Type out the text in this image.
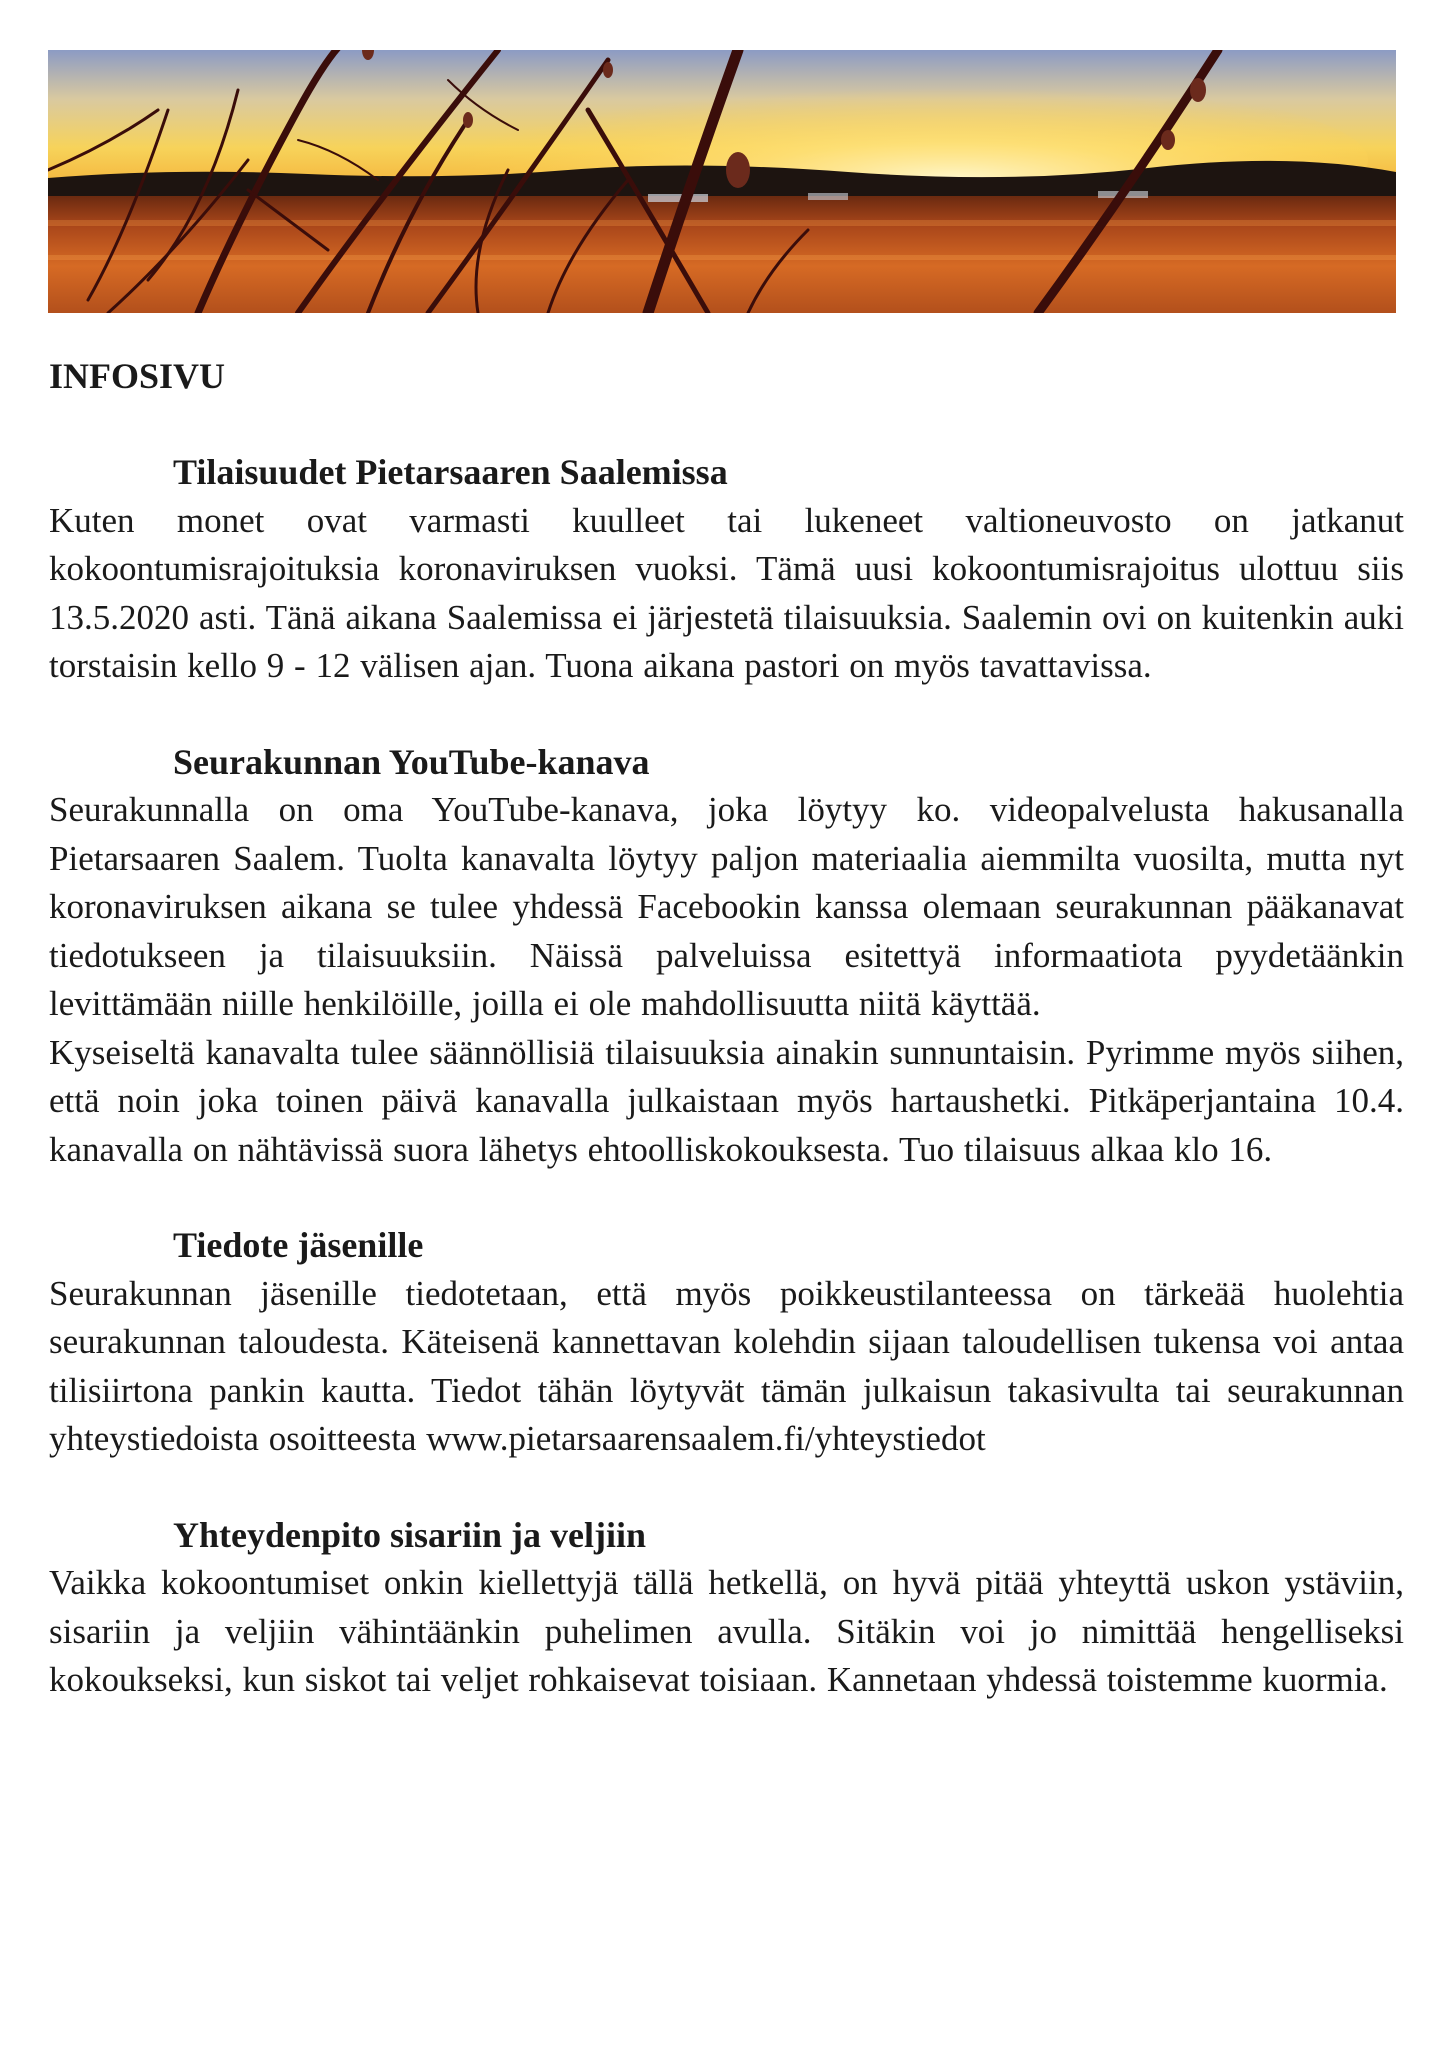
INFOSIVU
Tilaisuudet Pietarsaaren Saalemissa

Kuten monet ovat varmasti kuulleet tai lukeneet valtioneuvosto on jatkanut kokoontumisrajoituksia koronaviruksen vuoksi. Tämä uusi kokoontumisrajoitus ulottuu siis 13.5.2020 asti. Tänä aikana Saalemissa ei järjestetä tilaisuuksia. Saalemin ovi on kuitenkin auki torstaisin kello 9 - 12 välisen ajan. Tuona aikana pastori on myös tavattavissa.

Seurakunnan YouTube-kanava

Seurakunnalla on oma YouTube-kanava, joka löytyy ko. videopalvelusta hakusanalla Pietarsaaren Saalem. Tuolta kanavalta löytyy paljon materiaalia aiemmilta vuosilta, mutta nyt koronaviruksen aikana se tulee yhdessä Facebookin kanssa olemaan seurakunnan pääkanavat tiedotukseen ja tilaisuuksiin. Näissä palveluissa esitettyä informaatiota pyydetäänkin levittämään niille henkilöille, joilla ei ole mahdollisuutta niitä käyttää.

Kyseiseltä kanavalta tulee säännöllisiä tilaisuuksia ainakin sunnuntaisin. Pyrimme myös siihen, että noin joka toinen päivä kanavalla julkaistaan myös hartaushetki. Pitkäperjantaina 10.4. kanavalla on nähtävissä suora lähetys ehtoolliskokouksesta. Tuo tilaisuus alkaa klo 16.

Tiedote jäsenille

Seurakunnan jäsenille tiedotetaan, että myös poikkeustilanteessa on tärkeää huolehtia seurakunnan taloudesta. Käteisenä kannettavan kolehdin sijaan taloudellisen tukensa voi antaa tilisiirtona pankin kautta. Tiedot tähän löytyvät tämän julkaisun takasivulta tai seurakunnan yhteystiedoista osoitteesta www.pietarsaarensaalem.fi/yhteystiedot

Yhteydenpito sisariin ja veljiin

Vaikka kokoontumiset onkin kiellettyjä tällä hetkellä, on hyvä pitää yhteyttä uskon ystäviin, sisariin ja veljiin vähintäänkin puhelimen avulla. Sitäkin voi jo nimittää hengelliseksi kokoukseksi, kun siskot tai veljet rohkaisevat toisiaan. Kannetaan yhdessä toistemme kuormia.
